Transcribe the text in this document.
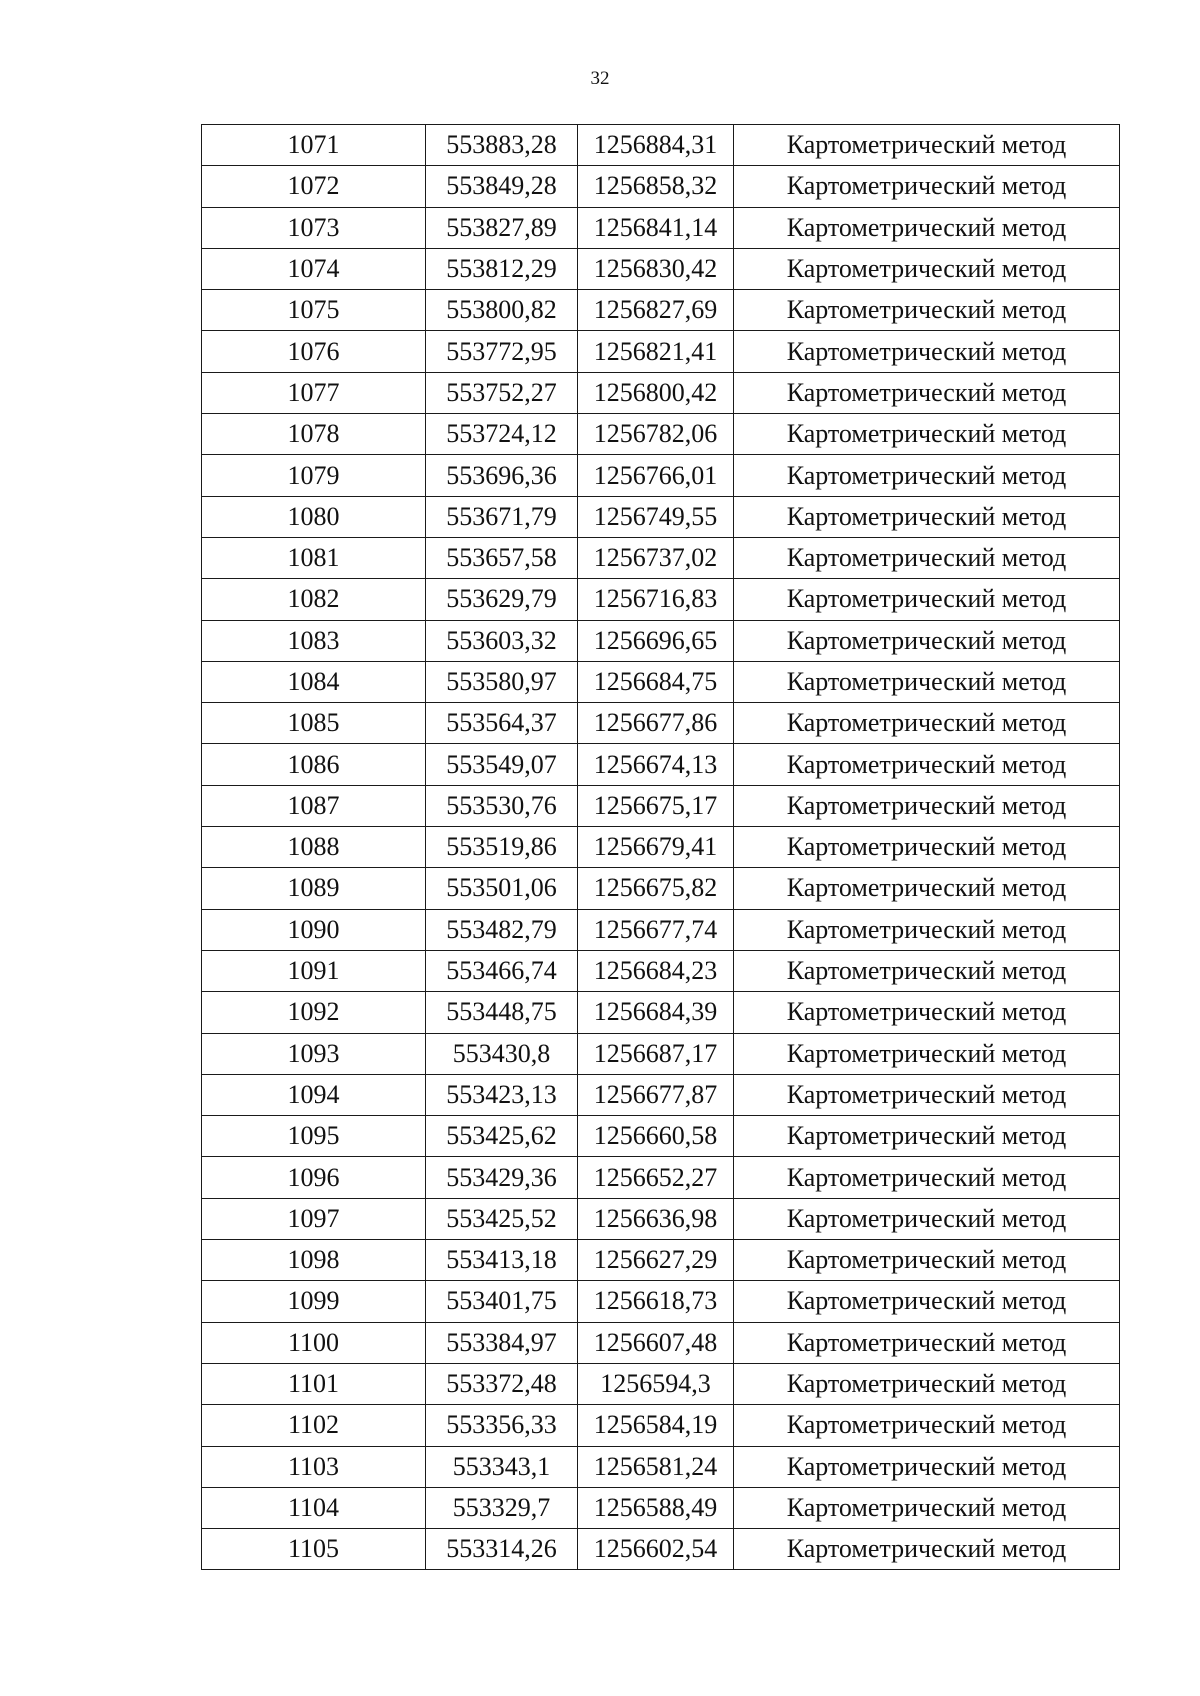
32
1071	553883,28	1256884,31	Картометрический метод
1072	553849,28	1256858,32	Картометрический метод
1073	553827,89	1256841,14	Картометрический метод
1074	553812,29	1256830,42	Картометрический метод
1075	553800,82	1256827,69	Картометрический метод
1076	553772,95	1256821,41	Картометрический метод
1077	553752,27	1256800,42	Картометрический метод
1078	553724,12	1256782,06	Картометрический метод
1079	553696,36	1256766,01	Картометрический метод
1080	553671,79	1256749,55	Картометрический метод
1081	553657,58	1256737,02	Картометрический метод
1082	553629,79	1256716,83	Картометрический метод
1083	553603,32	1256696,65	Картометрический метод
1084	553580,97	1256684,75	Картометрический метод
1085	553564,37	1256677,86	Картометрический метод
1086	553549,07	1256674,13	Картометрический метод
1087	553530,76	1256675,17	Картометрический метод
1088	553519,86	1256679,41	Картометрический метод
1089	553501,06	1256675,82	Картометрический метод
1090	553482,79	1256677,74	Картометрический метод
1091	553466,74	1256684,23	Картометрический метод
1092	553448,75	1256684,39	Картометрический метод
1093	553430,8	1256687,17	Картометрический метод
1094	553423,13	1256677,87	Картометрический метод
1095	553425,62	1256660,58	Картометрический метод
1096	553429,36	1256652,27	Картометрический метод
1097	553425,52	1256636,98	Картометрический метод
1098	553413,18	1256627,29	Картометрический метод
1099	553401,75	1256618,73	Картометрический метод
1100	553384,97	1256607,48	Картометрический метод
1101	553372,48	1256594,3	Картометрический метод
1102	553356,33	1256584,19	Картометрический метод
1103	553343,1	1256581,24	Картометрический метод
1104	553329,7	1256588,49	Картометрический метод
1105	553314,26	1256602,54	Картометрический метод
